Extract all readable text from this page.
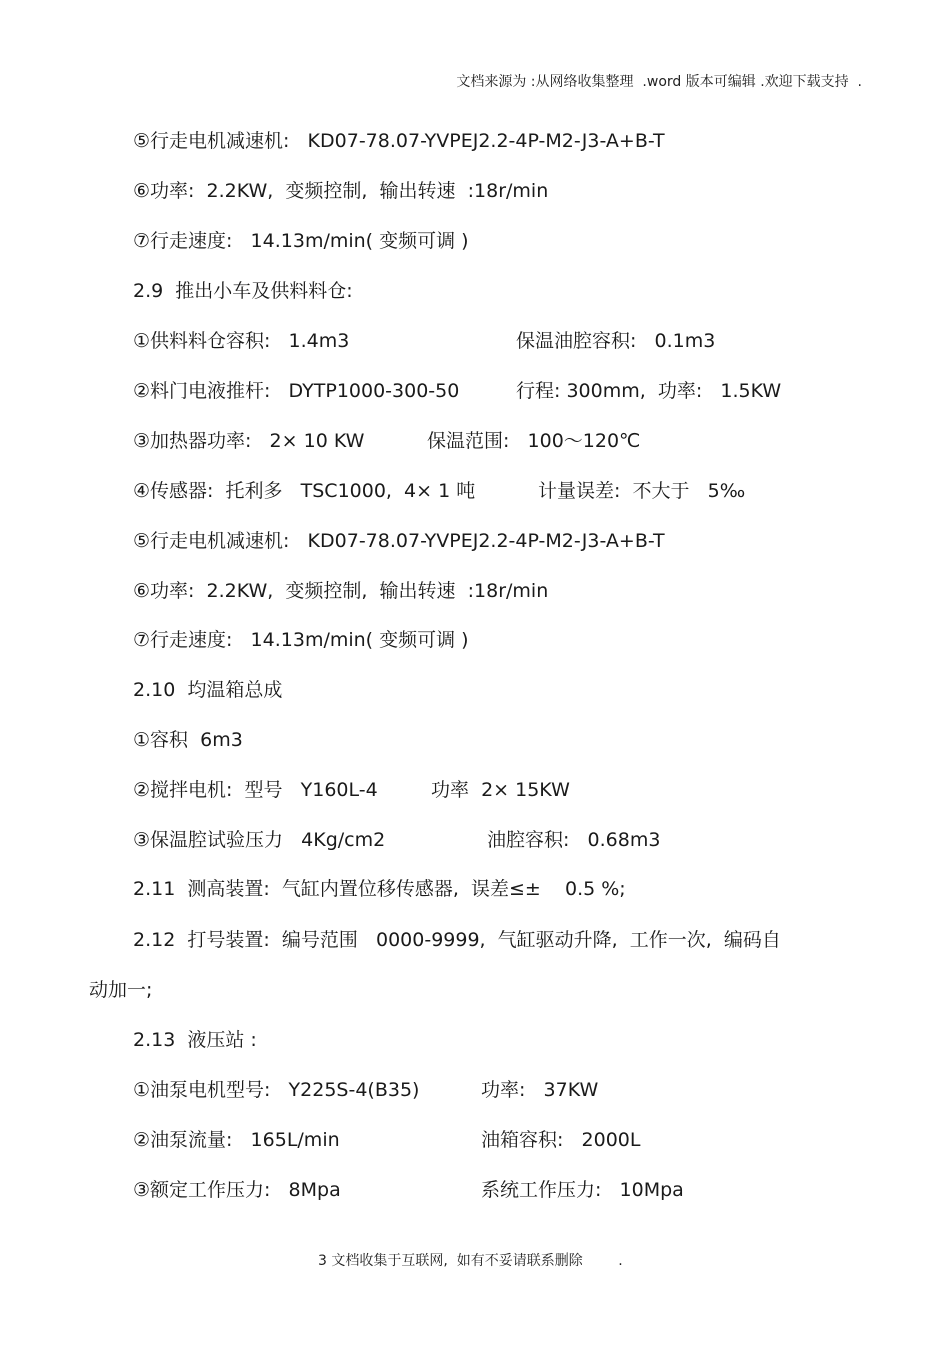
文档来源为 :从网络收集整理  .word 版本可编辑 .欢迎下载支持  .
⑤行走电机减速机:   KD07-78.07-YVPEJ2.2-4P-M2-J3-A+B-T
⑥功率:  2.2KW,  变频控制,  输出转速  :18r/min
⑦行走速度:   14.13m/min( 变频可调 )
2.9  推出小车及供料料仓:
①供料料仓容积:   1.4m3	保温油腔容积:   0.1m3
②料门电液推杆:   DYTP1000-300-50	行程: 300mm,  功率:   1.5KW
③加热器功率:   2× 10 KW	保温范围:   100～120℃
④传感器:  托利多   TSC1000,  4× 1 吨	计量误差:  不大于   5‰
⑤行走电机减速机:   KD07-78.07-YVPEJ2.2-4P-M2-J3-A+B-T
⑥功率:  2.2KW,  变频控制,  输出转速  :18r/min
⑦行走速度:   14.13m/min( 变频可调 )
2.10  均温箱总成
①容积  6m3
②搅拌电机:  型号   Y160L-4	功率  2× 15KW
③保温腔试验压力   4Kg/cm2	油腔容积:   0.68m3
2.11  测高装置:  气缸内置位移传感器,  误差≤±    0.5 %;
2.12  打号装置:  编号范围   0000-9999,  气缸驱动升降,  工作一次,  编码自
动加一;
2.13  液压站 :
①油泵电机型号:   Y225S-4(B35)	功率:   37KW
②油泵流量:   165L/min	油箱容积:   2000L
③额定工作压力:   8Mpa	系统工作压力:   10Mpa
3 文档收集于互联网,  如有不妥请联系删除        .
